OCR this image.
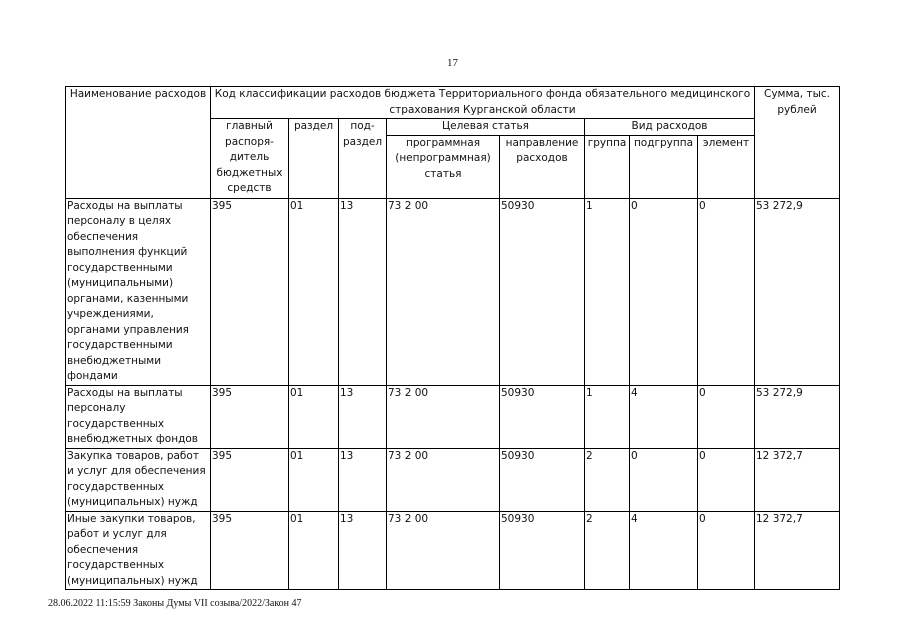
17
Наименование расходов	Код классификации расходов бюджета Территориального фонда обязательного медицинского страхования Курганской области								Сумма, тыс. рублей
	главный распоря-дитель бюджетных средств	раздел	под-раздел	Целевая статья		Вид расходов			
				программная (непрограммная) статья	направление расходов	группа	подгруппа	элемент	
Расходы на выплаты персоналу в целях обеспечения выполнения функций государственными (муниципальными) органами, казенными учреждениями, органами управления государственными внебюджетными фондами	395	01	13	73 2 00	50930	1	0	0	53 272,9
Расходы на выплаты персоналу государственных внебюджетных фондов	395	01	13	73 2 00	50930	1	4	0	53 272,9
Закупка товаров, работ и услуг для обеспечения государственных (муниципальных) нужд	395	01	13	73 2 00	50930	2	0	0	12 372,7
Иные закупки товаров, работ и услуг для обеспечения государственных (муниципальных) нужд	395	01	13	73 2 00	50930	2	4	0	12 372,7
28.06.2022 11:15:59 Законы Думы VII созыва/2022/Закон 47
